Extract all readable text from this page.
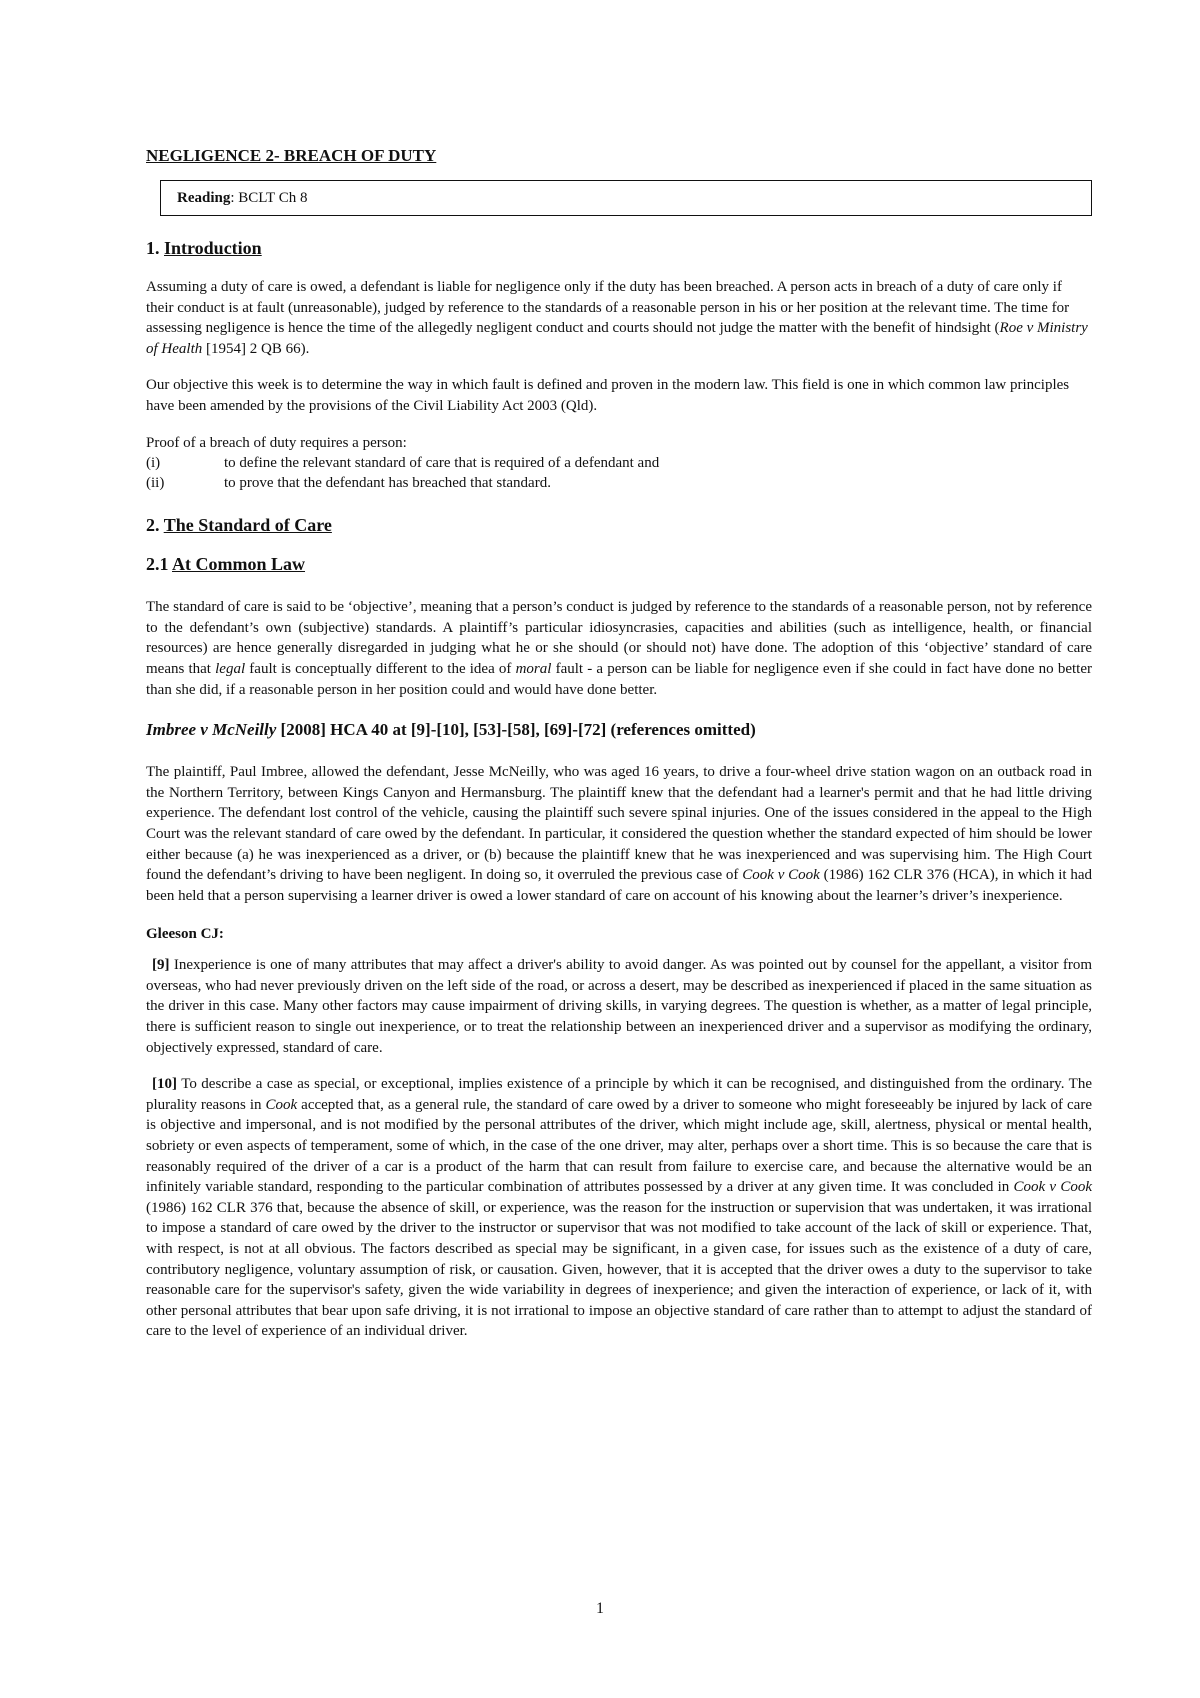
NEGLIGENCE 2- BREACH OF DUTY

Reading : BCLT Ch 8
1. Introduction

Assuming a duty of care is owed, a defendant is liable for negligence only if the duty has been breached. A person acts in breach of a duty of care only if their conduct is at fault (unreasonable), judged by reference to the standards of a reasonable person in his or her position at the relevant time. The time for assessing negligence is hence the time of the allegedly negligent conduct and courts should not judge the matter with the benefit of hindsight (Roe v Ministry of Health [1954] 2 QB 66).

Our objective this week is to determine the way in which fault is defined and proven in the modern law. This field is one in which common law principles have been amended by the provisions of the Civil Liability Act 2003 (Qld).

Proof of a breach of duty requires a person:

(i)	to define the relevant standard of care that is required of a defendant and
(ii)	to prove that the defendant has breached that standard.
2. The Standard of Care
2.1 At Common Law

The standard of care is said to be ‘objective’, meaning that a person’s conduct is judged by reference to the standards of a reasonable person, not by reference to the defendant’s own (subjective) standards. A plaintiff’s particular idiosyncrasies, capacities and abilities (such as intelligence, health, or financial resources) are hence generally disregarded in judging what he or she should (or should not) have done. The adoption of this ‘objective’ standard of care means that legal fault is conceptually different to the idea of moral fault - a person can be liable for negligence even if she could in fact have done no better than she did, if a reasonable person in her position could and would have done better.

Imbree v McNeilly [2008] HCA 40 at [9]-[10], [53]-[58], [69]-[72] (references omitted)

The plaintiff, Paul Imbree, allowed the defendant, Jesse McNeilly, who was aged 16 years, to drive a four-wheel drive station wagon on an outback road in the Northern Territory, between Kings Canyon and Hermansburg. The plaintiff knew that the defendant had a learner's permit and that he had little driving experience. The defendant lost control of the vehicle, causing the plaintiff such severe spinal injuries. One of the issues considered in the appeal to the High Court was the relevant standard of care owed by the defendant. In particular, it considered the question whether the standard expected of him should be lower either because (a) he was inexperienced as a driver, or (b) because the plaintiff knew that he was inexperienced and was supervising him. The High Court found the defendant’s driving to have been negligent. In doing so, it overruled the previous case of Cook v Cook (1986) 162 CLR 376 (HCA), in which it had been held that a person supervising a learner driver is owed a lower standard of care on account of his knowing about the learner’s driver’s inexperience.

Gleeson CJ:

[9] Inexperience is one of many attributes that may affect a driver's ability to avoid danger. As was pointed out by counsel for the appellant, a visitor from overseas, who had never previously driven on the left side of the road, or across a desert, may be described as inexperienced if placed in the same situation as the driver in this case. Many other factors may cause impairment of driving skills, in varying degrees. The question is whether, as a matter of legal principle, there is sufficient reason to single out inexperience, or to treat the relationship between an inexperienced driver and a supervisor as modifying the ordinary, objectively expressed, standard of care.

[10] To describe a case as special, or exceptional, implies existence of a principle by which it can be recognised, and distinguished from the ordinary. The plurality reasons in Cook accepted that, as a general rule, the standard of care owed by a driver to someone who might foreseeably be injured by lack of care is objective and impersonal, and is not modified by the personal attributes of the driver, which might include age, skill, alertness, physical or mental health, sobriety or even aspects of temperament, some of which, in the case of the one driver, may alter, perhaps over a short time. This is so because the care that is reasonably required of the driver of a car is a product of the harm that can result from failure to exercise care, and because the alternative would be an infinitely variable standard, responding to the particular combination of attributes possessed by a driver at any given time. It was concluded in Cook v Cook (1986) 162 CLR 376 that, because the absence of skill, or experience, was the reason for the instruction or supervision that was undertaken, it was irrational to impose a standard of care owed by the driver to the instructor or supervisor that was not modified to take account of the lack of skill or experience. That, with respect, is not at all obvious. The factors described as special may be significant, in a given case, for issues such as the existence of a duty of care, contributory negligence, voluntary assumption of risk, or causation. Given, however, that it is accepted that the driver owes a duty to the supervisor to take reasonable care for the supervisor's safety, given the wide variability in degrees of inexperience; and given the interaction of experience, or lack of it, with other personal attributes that bear upon safe driving, it is not irrational to impose an objective standard of care rather than to attempt to adjust the standard of care to the level of experience of an individual driver.

1
